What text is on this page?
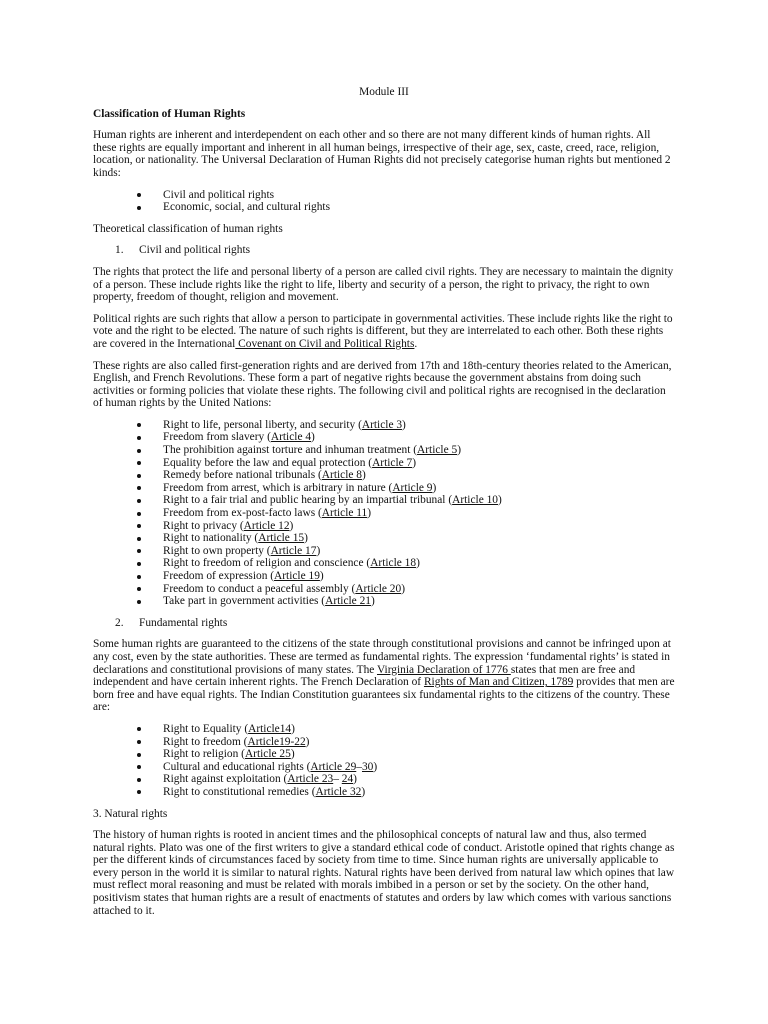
Module III

Classification of Human Rights

Human rights are inherent and interdependent on each other and so there are not many different kinds of human rights. All these rights are equally important and inherent in all human beings, irrespective of their age, sex, caste, creed, race, religion, location, or nationality. The Universal Declaration of Human Rights did not precisely categorise human rights but mentioned 2 kinds:

Civil and political rights
Economic, social, and cultural rights

Theoretical classification of human rights

1. Civil and political rights

The rights that protect the life and personal liberty of a person are called civil rights. They are necessary to maintain the dignity of a person. These include rights like the right to life, liberty and security of a person, the right to privacy, the right to own property, freedom of thought, religion and movement.

Political rights are such rights that allow a person to participate in governmental activities. These include rights like the right to vote and the right to be elected. The nature of such rights is different, but they are interrelated to each other. Both these rights are covered in the International Covenant on Civil and Political Rights.

These rights are also called first-generation rights and are derived from 17th and 18th-century theories related to the American, English, and French Revolutions. These form a part of negative rights because the government abstains from doing such activities or forming policies that violate these rights. The following civil and political rights are recognised in the declaration of human rights by the United Nations:

Right to life, personal liberty, and security (Article 3)
Freedom from slavery (Article 4)
The prohibition against torture and inhuman treatment (Article 5)
Equality before the law and equal protection (Article 7)
Remedy before national tribunals (Article 8)
Freedom from arrest, which is arbitrary in nature (Article 9)
Right to a fair trial and public hearing by an impartial tribunal (Article 10)
Freedom from ex-post-facto laws (Article 11)
Right to privacy (Article 12)
Right to nationality (Article 15)
Right to own property (Article 17)
Right to freedom of religion and conscience (Article 18)
Freedom of expression (Article 19)
Freedom to conduct a peaceful assembly (Article 20)
Take part in government activities (Article 21)

2. Fundamental rights

Some human rights are guaranteed to the citizens of the state through constitutional provisions and cannot be infringed upon at any cost, even by the state authorities. These are termed as fundamental rights. The expression ‘fundamental rights’ is stated in declarations and constitutional provisions of many states. The Virginia Declaration of 1776 states that men are free and independent and have certain inherent rights. The French Declaration of Rights of Man and Citizen, 1789 provides that men are born free and have equal rights. The Indian Constitution guarantees six fundamental rights to the citizens of the country. These are:

Right to Equality (Article14)
Right to freedom (Article19-22)
Right to religion (Article 25)
Cultural and educational rights (Article 29–30)
Right against exploitation (Article 23– 24)
Right to constitutional remedies (Article 32)

3. Natural rights

The history of human rights is rooted in ancient times and the philosophical concepts of natural law and thus, also termed natural rights. Plato was one of the first writers to give a standard ethical code of conduct. Aristotle opined that rights change as per the different kinds of circumstances faced by society from time to time. Since human rights are universally applicable to every person in the world it is similar to natural rights. Natural rights have been derived from natural law which opines that law must reflect moral reasoning and must be related with morals imbibed in a person or set by the society. On the other hand, positivism states that human rights are a result of enactments of statutes and orders by law which comes with various sanctions attached to it.
